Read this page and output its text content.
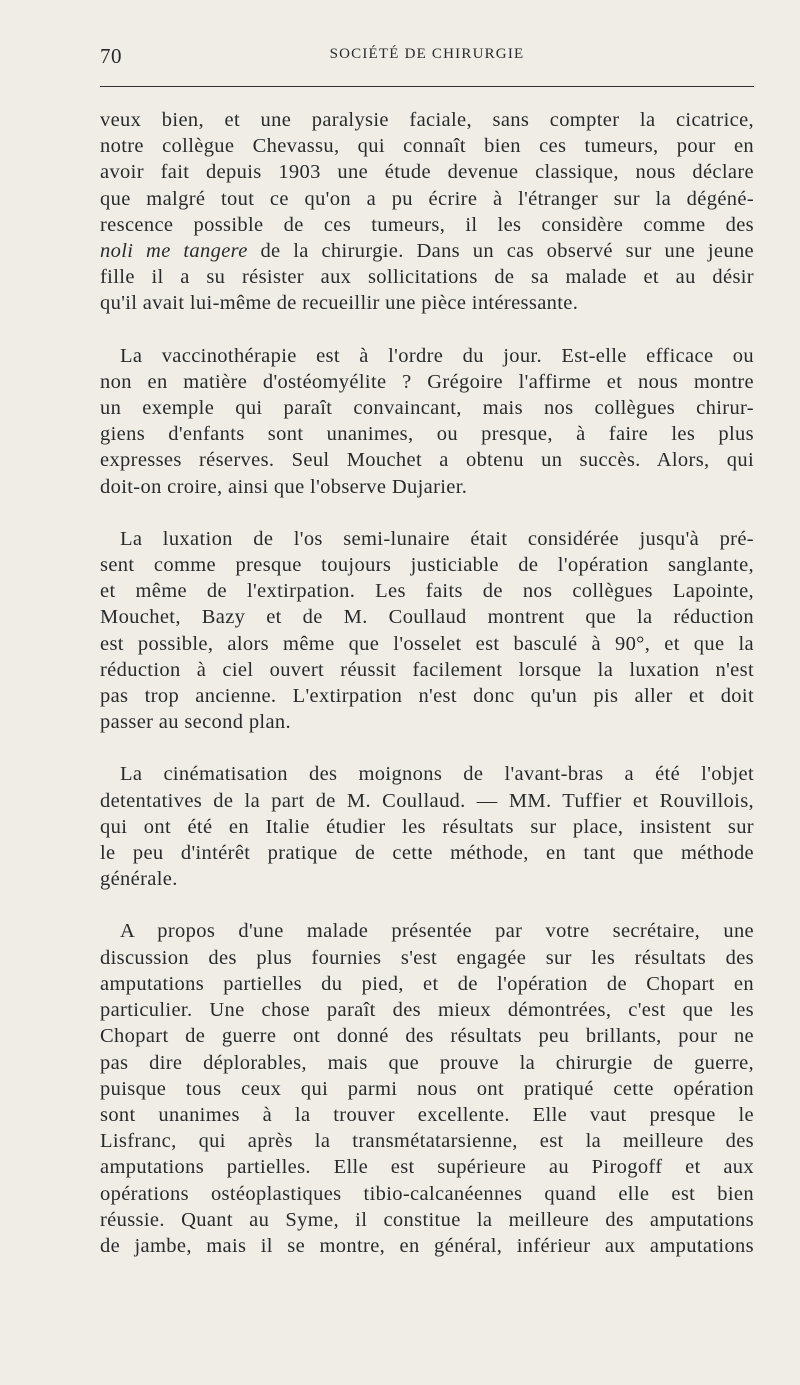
70	SOCIÉTÉ DE CHIRURGIE
veux bien, et une paralysie faciale, sans compter la cicatrice,
notre collègue Chevassu, qui connaît bien ces tumeurs, pour en
avoir fait depuis 1903 une étude devenue classique, nous déclare
que malgré tout ce qu'on a pu écrire à l'étranger sur la dégéné-
rescence possible de ces tumeurs, il les considère comme des
noli me tangere de la chirurgie. Dans un cas observé sur une jeune
fille il a su résister aux sollicitations de sa malade et au désir
qu'il avait lui-même de recueillir une pièce intéressante.
La vaccinothérapie est à l'ordre du jour. Est-elle efficace ou
non en matière d'ostéomyélite ? Grégoire l'affirme et nous montre
un exemple qui paraît convaincant, mais nos collègues chirur-
giens d'enfants sont unanimes, ou presque, à faire les plus
expresses réserves. Seul Mouchet a obtenu un succès. Alors, qui
doit-on croire, ainsi que l'observe Dujarier.
La luxation de l'os semi-lunaire était considérée jusqu'à pré-
sent comme presque toujours justiciable de l'opération sanglante,
et même de l'extirpation. Les faits de nos collègues Lapointe,
Mouchet, Bazy et de M. Coullaud montrent que la réduction
est possible, alors même que l'osselet est basculé à 90°, et que la
réduction à ciel ouvert réussit facilement lorsque la luxation n'est
pas trop ancienne. L'extirpation n'est donc qu'un pis aller et doit
passer au second plan.
La cinématisation des moignons de l'avant-bras a été l'objet
detentatives de la part de M. Coullaud. — MM. Tuffier et Rouvillois,
qui ont été en Italie étudier les résultats sur place, insistent sur
le peu d'intérêt pratique de cette méthode, en tant que méthode
générale.
A propos d'une malade présentée par votre secrétaire, une
discussion des plus fournies s'est engagée sur les résultats des
amputations partielles du pied, et de l'opération de Chopart en
particulier. Une chose paraît des mieux démontrées, c'est que les
Chopart de guerre ont donné des résultats peu brillants, pour ne
pas dire déplorables, mais que prouve la chirurgie de guerre,
puisque tous ceux qui parmi nous ont pratiqué cette opération
sont unanimes à la trouver excellente. Elle vaut presque le
Lisfranc, qui après la transmétatarsienne, est la meilleure des
amputations partielles. Elle est supérieure au Pirogoff et aux
opérations ostéoplastiques tibio-calcanéennes quand elle est bien
réussie. Quant au Syme, il constitue la meilleure des amputations
de jambe, mais il se montre, en général, inférieur aux amputations
